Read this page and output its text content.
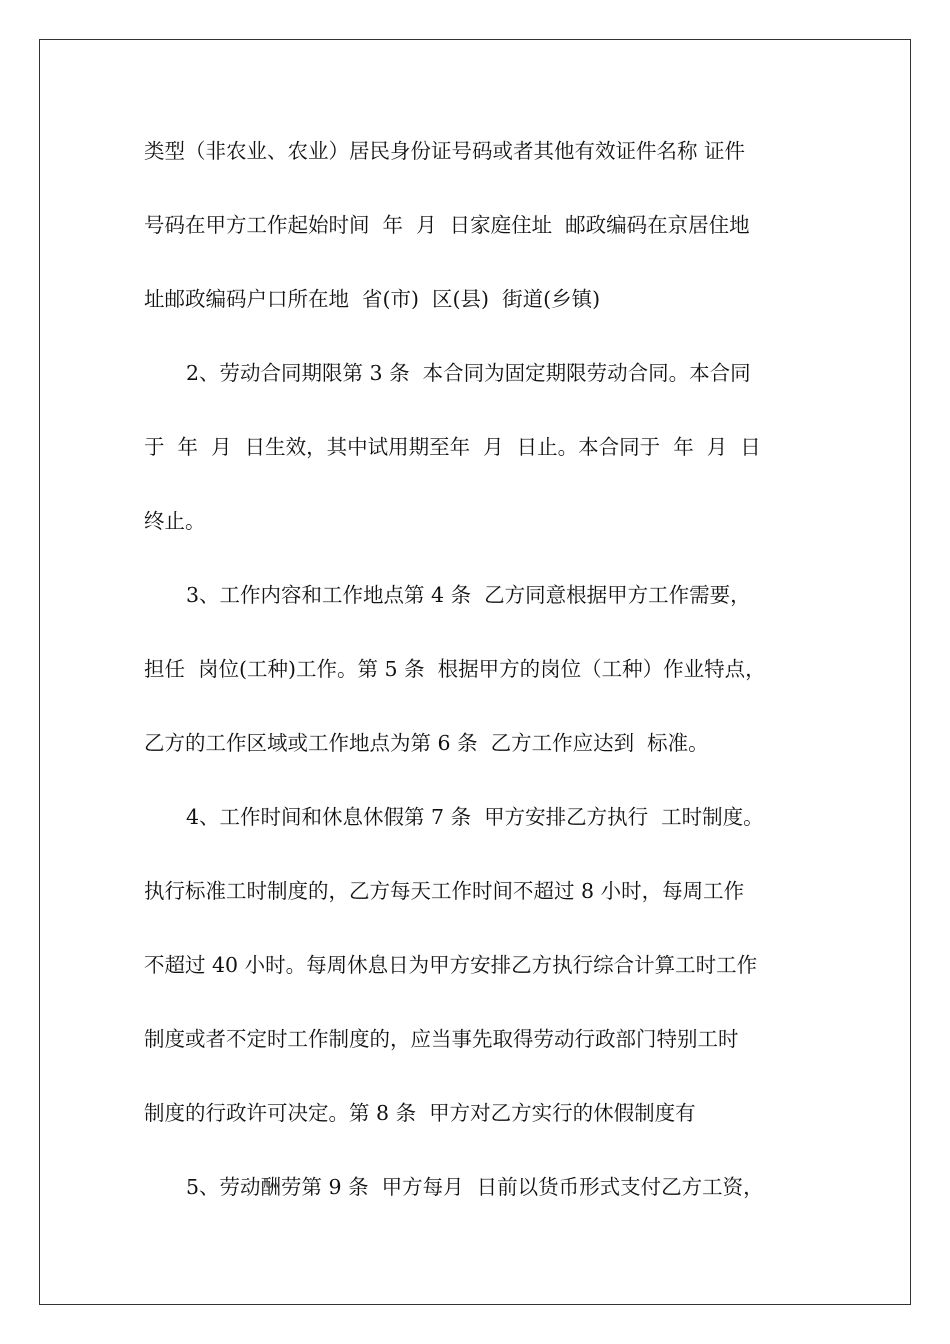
类型（非农业、农业）居民身份证号码或者其他有效证件名称 证件
号码在甲方工作起始时间  年  月  日家庭住址  邮政编码在京居住地
址邮政编码户口所在地  省(市)  区(县)  街道(乡镇)
2、劳动合同期限第 3 条  本合同为固定期限劳动合同。本合同
于  年  月  日生效，其中试用期至年  月  日止。本合同于  年  月  日
终止。
3、工作内容和工作地点第 4 条  乙方同意根据甲方工作需要，
担任  岗位(工种)工作。第 5 条  根据甲方的岗位（工种）作业特点，
乙方的工作区域或工作地点为第 6 条  乙方工作应达到  标准。
4、工作时间和休息休假第 7 条  甲方安排乙方执行  工时制度。
执行标准工时制度的，乙方每天工作时间不超过 8 小时，每周工作
不超过 40 小时。每周休息日为甲方安排乙方执行综合计算工时工作
制度或者不定时工作制度的，应当事先取得劳动行政部门特别工时
制度的行政许可决定。第 8 条  甲方对乙方实行的休假制度有
5、劳动酬劳第 9 条  甲方每月  日前以货币形式支付乙方工资，
